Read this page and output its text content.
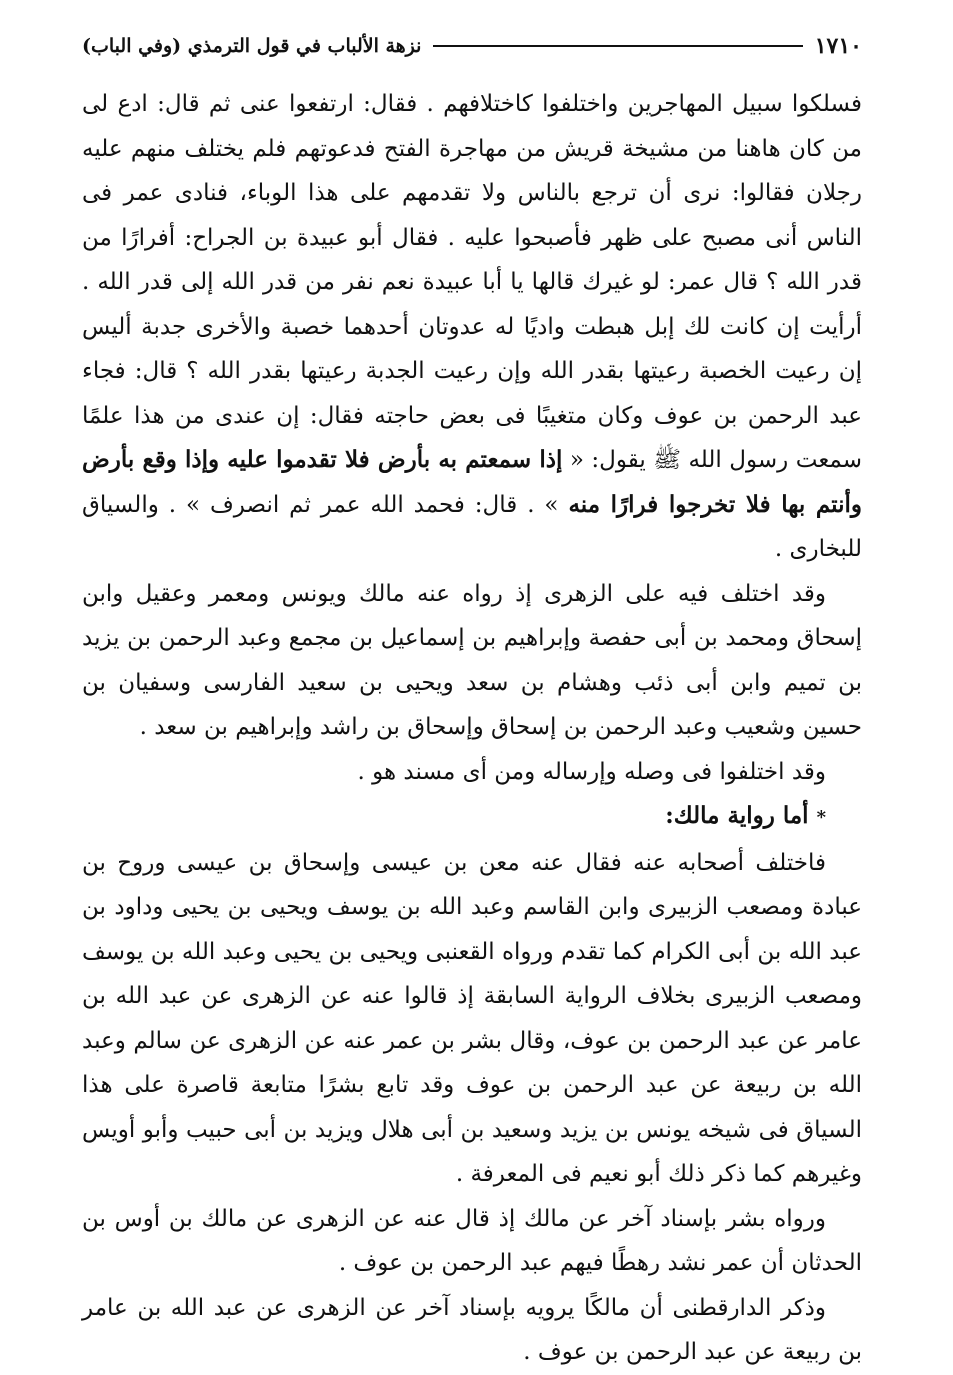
١٧١٠
نزهة الألباب في قول الترمذي (وفي الباب)

فسلكوا سبيل المهاجرين واختلفوا كاختلافهم . فقال: ارتفعوا عنى ثم قال: ادع لى من كان هاهنا من مشيخة قريش من مهاجرة الفتح فدعوتهم فلم يختلف منهم عليه رجلان فقالوا: نرى أن ترجع بالناس ولا تقدمهم على هذا الوباء، فنادى عمر فى الناس أنى مصبح على ظهر فأصبحوا عليه . فقال أبو عبيدة بن الجراح: أفرارًا من قدر الله ؟ قال عمر: لو غيرك قالها يا أبا عبيدة نعم نفر من قدر الله إلى قدر الله . أرأيت إن كانت لك إبل هبطت واديًا له عدوتان أحدهما خصبة والأخرى جدبة أليس إن رعيت الخصبة رعيتها بقدر الله وإن رعيت الجدبة رعيتها بقدر الله ؟ قال: فجاء عبد الرحمن بن عوف وكان متغيبًا فى بعض حاجته فقال: إن عندى من هذا علمًا سمعت رسول الله ﷺ يقول: « إذا سمعتم به بأرض فلا تقدموا عليه وإذا وقع بأرض وأنتم بها فلا تخرجوا فرارًا منه » . قال: فحمد الله عمر ثم انصرف » . والسياق للبخارى .

وقد اختلف فيه على الزهرى إذ رواه عنه مالك ويونس ومعمر وعقيل وابن إسحاق ومحمد بن أبى حفصة وإبراهيم بن إسماعيل بن مجمع وعبد الرحمن بن يزيد بن تميم وابن أبى ذئب وهشام بن سعد ويحيى بن سعيد الفارسى وسفيان بن حسين وشعيب وعبد الرحمن بن إسحاق وإسحاق بن راشد وإبراهيم بن سعد .

وقد اختلفوا فى وصله وإرساله ومن أى مسند هو .

* أما رواية مالك:

فاختلف أصحابه عنه فقال عنه معن بن عيسى وإسحاق بن عيسى وروح بن عبادة ومصعب الزبيرى وابن القاسم وعبد الله بن يوسف ويحيى بن يحيى وداود بن عبد الله بن أبى الكرام كما تقدم ورواه القعنبى ويحيى بن يحيى وعبد الله بن يوسف ومصعب الزبيرى بخلاف الرواية السابقة إذ قالوا عنه عن الزهرى عن عبد الله بن عامر عن عبد الرحمن بن عوف، وقال بشر بن عمر عنه عن الزهرى عن سالم وعبد الله بن ربيعة عن عبد الرحمن بن عوف وقد تابع بشرًا متابعة قاصرة على هذا السياق فى شيخه يونس بن يزيد وسعيد بن أبى هلال ويزيد بن أبى حبيب وأبو أويس وغيرهم كما ذكر ذلك أبو نعيم فى المعرفة .

ورواه بشر بإسناد آخر عن مالك إذ قال عنه عن الزهرى عن مالك بن أوس بن الحدثان أن عمر نشد رهطًا فيهم عبد الرحمن بن عوف .

وذكر الدارقطنى أن مالكًا يرويه بإسناد آخر عن الزهرى عن عبد الله بن عامر بن ربيعة عن عبد الرحمن بن عوف .
